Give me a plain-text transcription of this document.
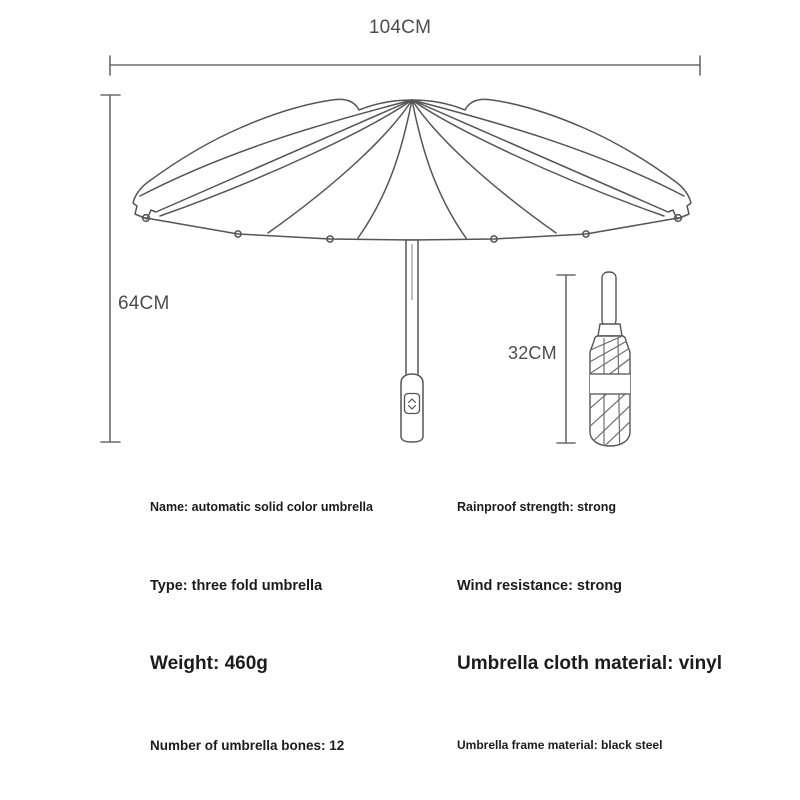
104CM
64CM
32CM
Name: automatic solid color umbrella	Rainproof strength: strong
Type: three fold umbrella	Wind resistance: strong
Weight: 460g	Umbrella cloth material: vinyl
Number of umbrella bones: 12	Umbrella frame material: black steel
